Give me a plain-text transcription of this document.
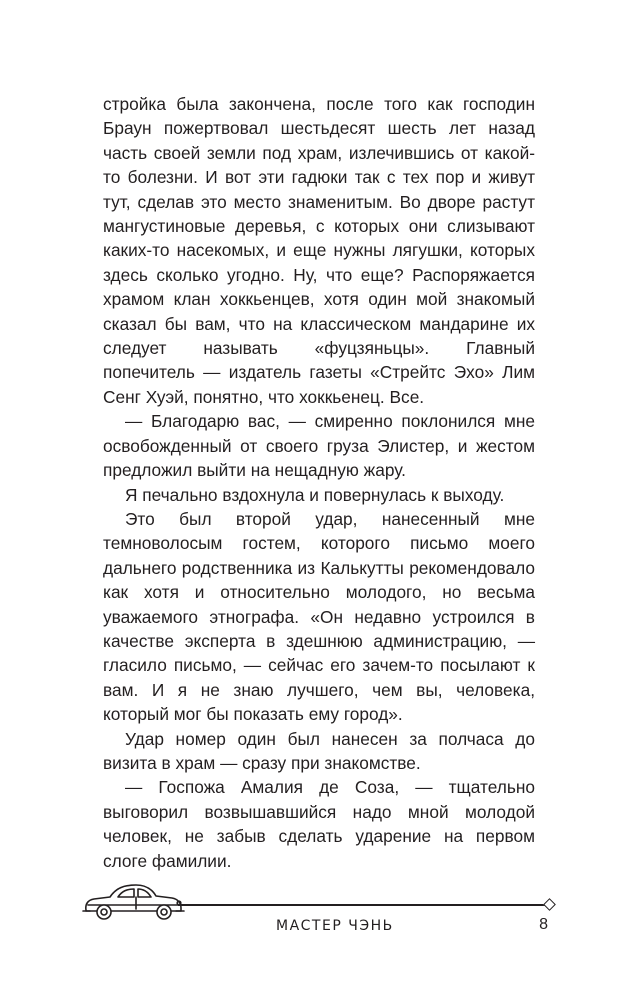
стройка была закончена, после того как господин Браун пожертвовал шестьдесят шесть лет назад часть своей земли под храм, излечившись от какой-то болезни. И вот эти гадюки так с тех пор и живут тут, сделав это место знаменитым. Во дворе растут мангустиновые деревья, с которых они слизывают каких-то насекомых, и еще нужны лягушки, которых здесь сколько угодно. Ну, что еще? Распоряжается храмом клан хоккьенцев, хотя один мой знакомый сказал бы вам, что на классическом мандарине их следует называть «фуцзяньцы». Главный попечитель — издатель газеты «Стрейтс Эхо» Лим Сенг Хуэй, понятно, что хоккьенец. Все.

— Благодарю вас, — смиренно поклонился мне освобожденный от своего груза Элистер, и жестом предложил выйти на нещадную жару.

Я печально вздохнула и повернулась к выходу.

Это был второй удар, нанесенный мне темноволосым гостем, которого письмо моего дальнего родственника из Калькутты рекомендовало как хотя и относительно молодого, но весьма уважаемого этнографа. «Он недавно устроился в качестве эксперта в здешнюю администрацию, — гласило письмо, — сейчас его зачем-то посылают к вам. И я не знаю лучшего, чем вы, человека, который мог бы показать ему город».

Удар номер один был нанесен за полчаса до визита в храм — сразу при знакомстве.

— Госпожа Амалия де Соза, — тщательно выговорил возвышавшийся надо мной молодой человек, не забыв сделать ударение на первом слоге фамилии.

МАСТЕР ЧЭНЬ	8
